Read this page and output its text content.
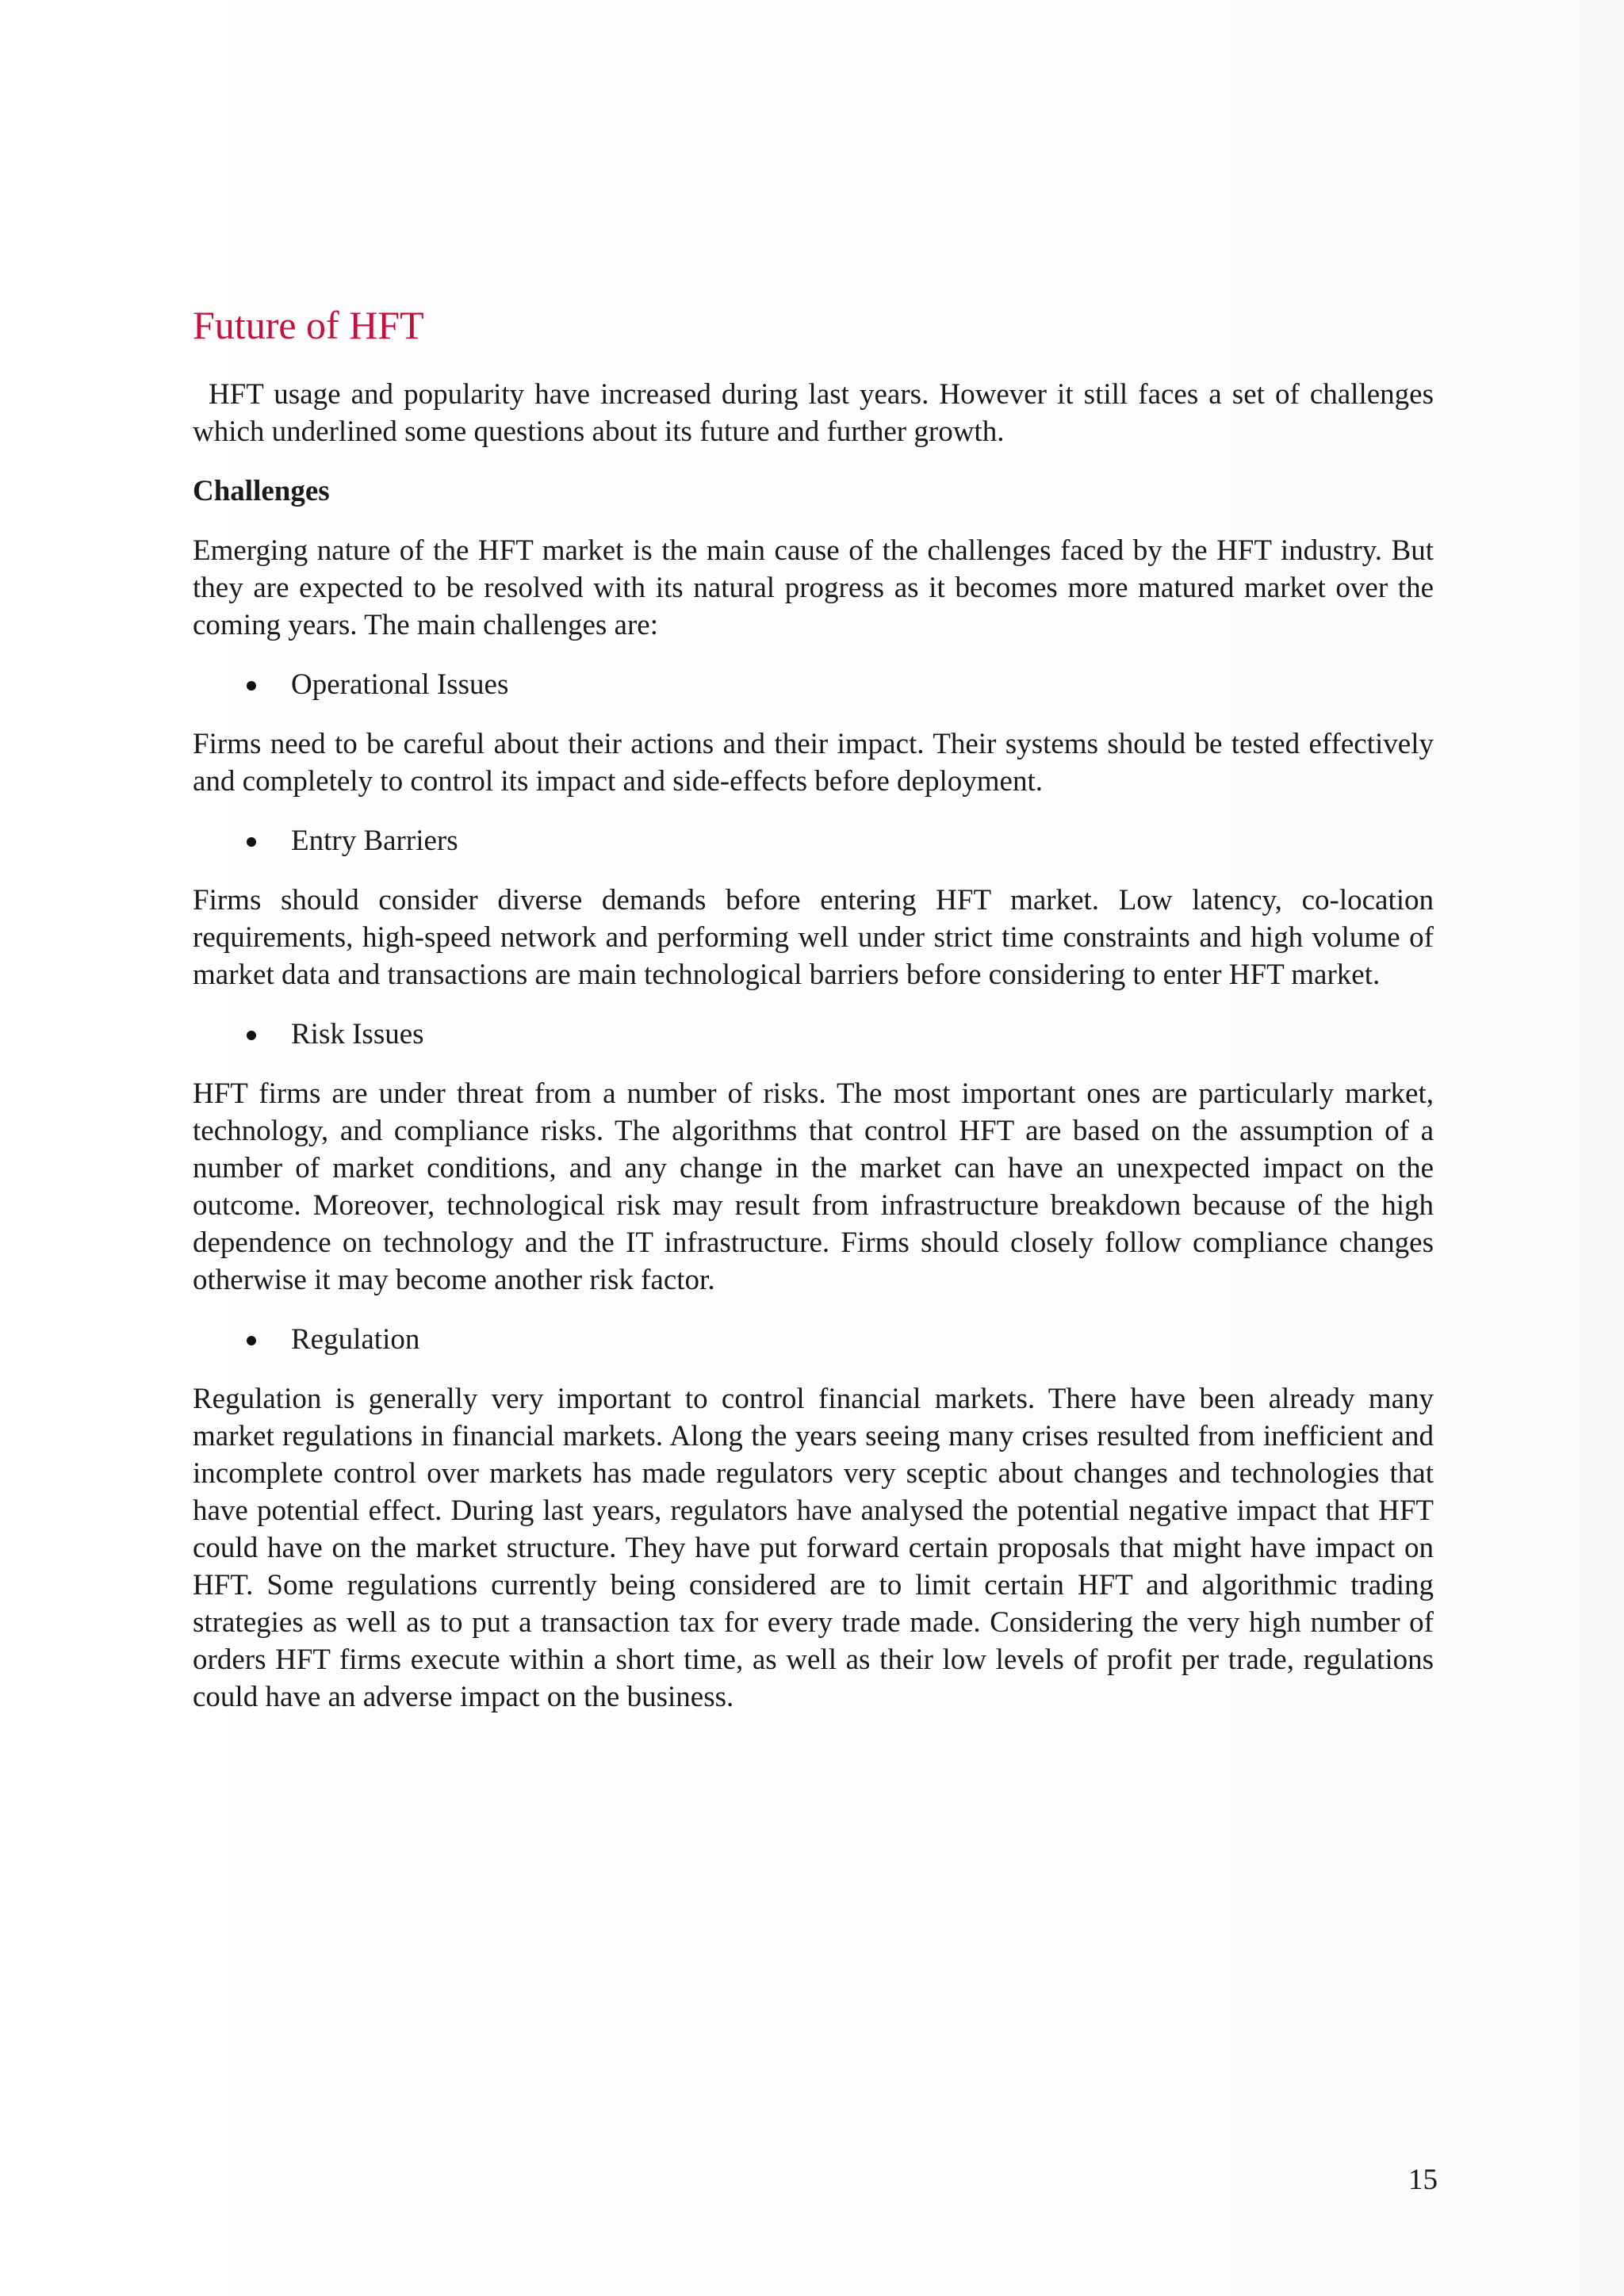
Future of HFT

HFT usage and popularity have increased during last years. However it still faces a set of challenges which underlined some questions about its future and further growth.

Challenges

Emerging nature of the HFT market is the main cause of the challenges faced by the HFT industry. But they are expected to be resolved with its natural progress as it becomes more matured market over the coming years. The main challenges are:

Operational Issues

Firms need to be careful about their actions and their impact. Their systems should be tested effectively and completely to control its impact and side-effects before deployment.

Entry Barriers

Firms should consider diverse demands before entering HFT market. Low latency, co-location requirements, high-speed network and performing well under strict time constraints and high volume of market data and transactions are main technological barriers before considering to enter HFT market.

Risk Issues

HFT firms are under threat from a number of risks. The most important ones are particularly market, technology, and compliance risks. The algorithms that control HFT are based on the assumption of a number of market conditions, and any change in the market can have an unexpected impact on the outcome. Moreover, technological risk may result from infrastructure breakdown because of the high dependence on technology and the IT infrastructure. Firms should closely follow compliance changes otherwise it may become another risk factor.

Regulation

Regulation is generally very important to control financial markets. There have been already many market regulations in financial markets. Along the years seeing many crises resulted from inefficient and incomplete control over markets has made regulators very sceptic about changes and technologies that have potential effect. During last years, regulators have analysed the potential negative impact that HFT could have on the market structure. They have put forward certain proposals that might have impact on HFT. Some regulations currently being considered are to limit certain HFT and algorithmic trading strategies as well as to put a transaction tax for every trade made. Considering the very high number of orders HFT firms execute within a short time, as well as their low levels of profit per trade, regulations could have an adverse impact on the business.

15
